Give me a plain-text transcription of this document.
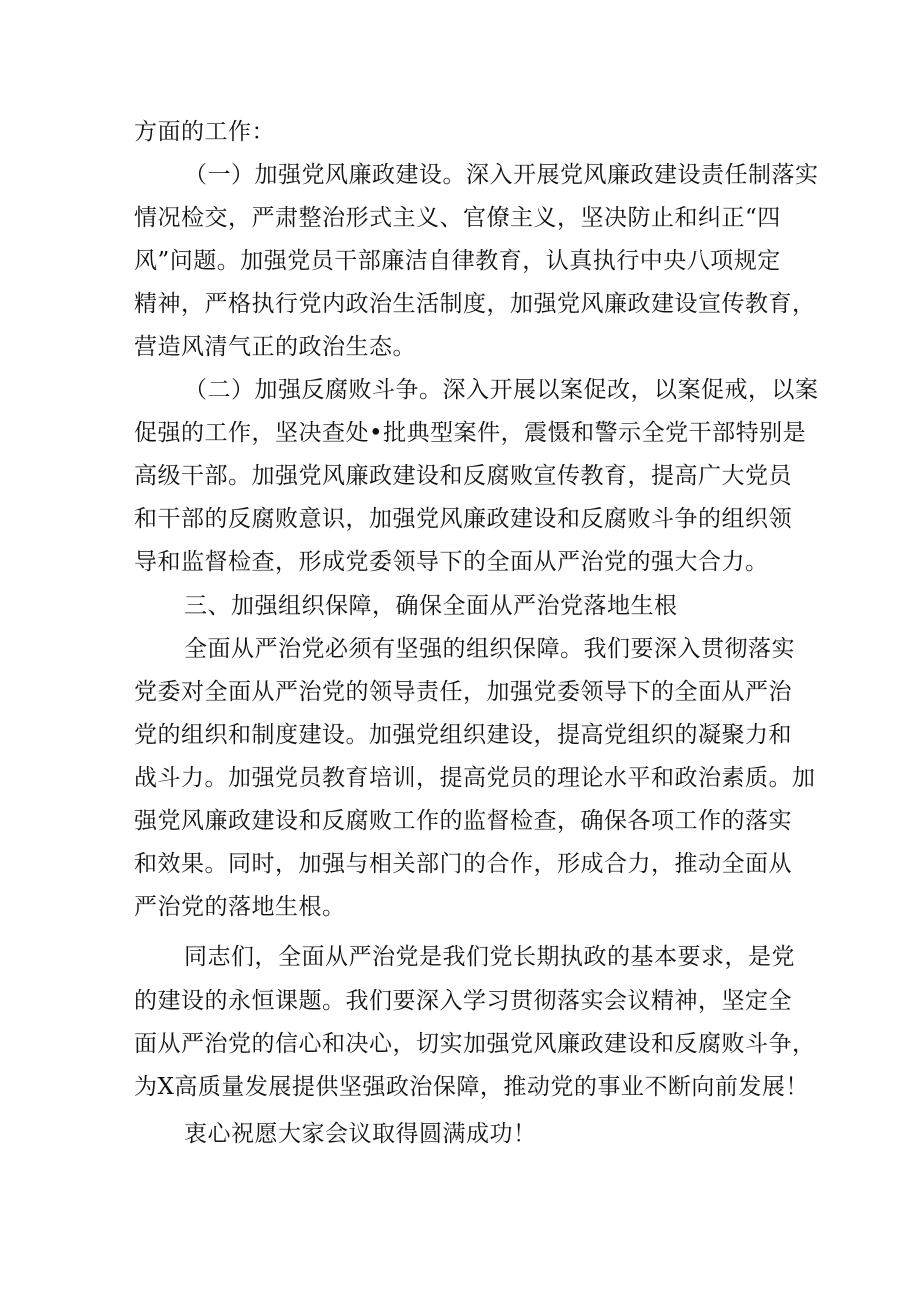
方面的工作：
（一）加强党风廉政建设。深入开展党风廉政建设责任制落实
情况检交，严肃整治形式主义、官僚主义，坚决防止和纠正“四
风”问题。加强党员干部廉洁自律教育，认真执行中央八项规定
精神，严格执行党内政治生活制度，加强党风廉政建设宣传教育，
营造风清气正的政治生态。
（二）加强反腐败斗争。深入开展以案促改，以案促戒，以案
促强的工作，坚决查处•批典型案件，震慑和警示全党干部特别是
高级干部。加强党风廉政建设和反腐败宣传教育，提高广大党员
和干部的反腐败意识，加强党风廉政建设和反腐败斗争的组织领
导和监督检查，形成党委领导下的全面从严治党的强大合力。
三、加强组织保障，确保全面从严治党落地生根
全面从严治党必须有坚强的组织保障。我们要深入贯彻落实
党委对全面从严治党的领导责任，加强党委领导下的全面从严治
党的组织和制度建设。加强党组织建设，提高党组织的凝聚力和
战斗力。加强党员教育培训，提高党员的理论水平和政治素质。加
强党风廉政建设和反腐败工作的监督检查，确保各项工作的落实
和效果。同时，加强与相关部门的合作，形成合力，推动全面从
严治党的落地生根。
同志们，全面从严治党是我们党长期执政的基本要求，是党
的建设的永恒课题。我们要深入学习贯彻落实会议精神，坚定全
面从严治党的信心和决心，切实加强党风廉政建设和反腐败斗争，
为X高质量发展提供坚强政治保障，推动党的事业不断向前发展！
衷心祝愿大家会议取得圆满成功！
